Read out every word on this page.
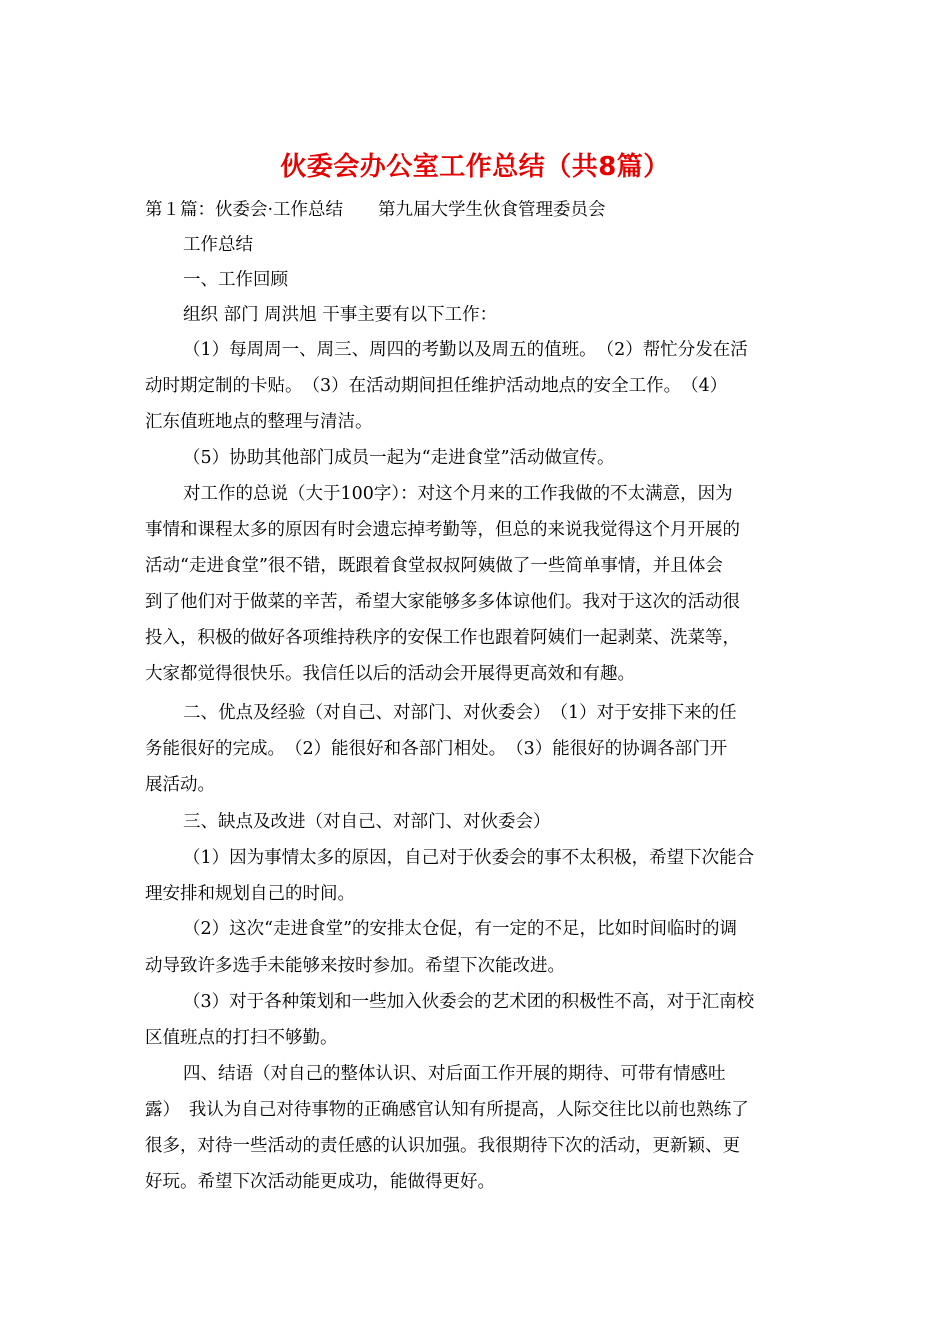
伙委会办公室工作总结（共8篇）
第１篇：伙委会·工作总结　　第九届大学生伙食管理委员会
工作总结
一、工作回顾
组织 部门 周洪旭 干事主要有以下工作：
（1）每周周一、周三、周四的考勤以及周五的值班。　（2）帮忙分发在活
动时期定制的卡贴。　（3）在活动期间担任维护活动地点的安全工作。　（4）
汇东值班地点的整理与清洁。
（5）协助其他部门成员一起为“走进食堂”活动做宣传。
对工作的总说（大于100字）：对这个月来的工作我做的不太满意，因为
事情和课程太多的原因有时会遗忘掉考勤等，但总的来说我觉得这个月开展的
活动“走进食堂”很不错，既跟着食堂叔叔阿姨做了一些简单事情，并且体会
到了他们对于做菜的辛苦，希望大家能够多多体谅他们。我对于这次的活动很
投入，积极的做好各项维持秩序的安保工作也跟着阿姨们一起剥菜、洗菜等，
大家都觉得很快乐。我信任以后的活动会开展得更高效和有趣。
二、优点及经验（对自己、对部门、对伙委会）　（1）对于安排下来的任
务能很好的完成。　（2）能很好和各部门相处。　（3）能很好的协调各部门开
展活动。
三、缺点及改进（对自己、对部门、对伙委会）
（1）因为事情太多的原因，自己对于伙委会的事不太积极，希望下次能合
理安排和规划自己的时间。
（2）这次“走进食堂”的安排太仓促，有一定的不足，比如时间临时的调
动导致许多选手未能够来按时参加。希望下次能改进。
（3）对于各种策划和一些加入伙委会的艺术团的积极性不高，对于汇南校
区值班点的打扫不够勤。
四、结语（对自己的整体认识、对后面工作开展的期待、可带有情感吐
露）　我认为自己对待事物的正确感官认知有所提高，人际交往比以前也熟练了
很多，对待一些活动的责任感的认识加强。我很期待下次的活动，更新颖、更
好玩。希望下次活动能更成功，能做得更好。
